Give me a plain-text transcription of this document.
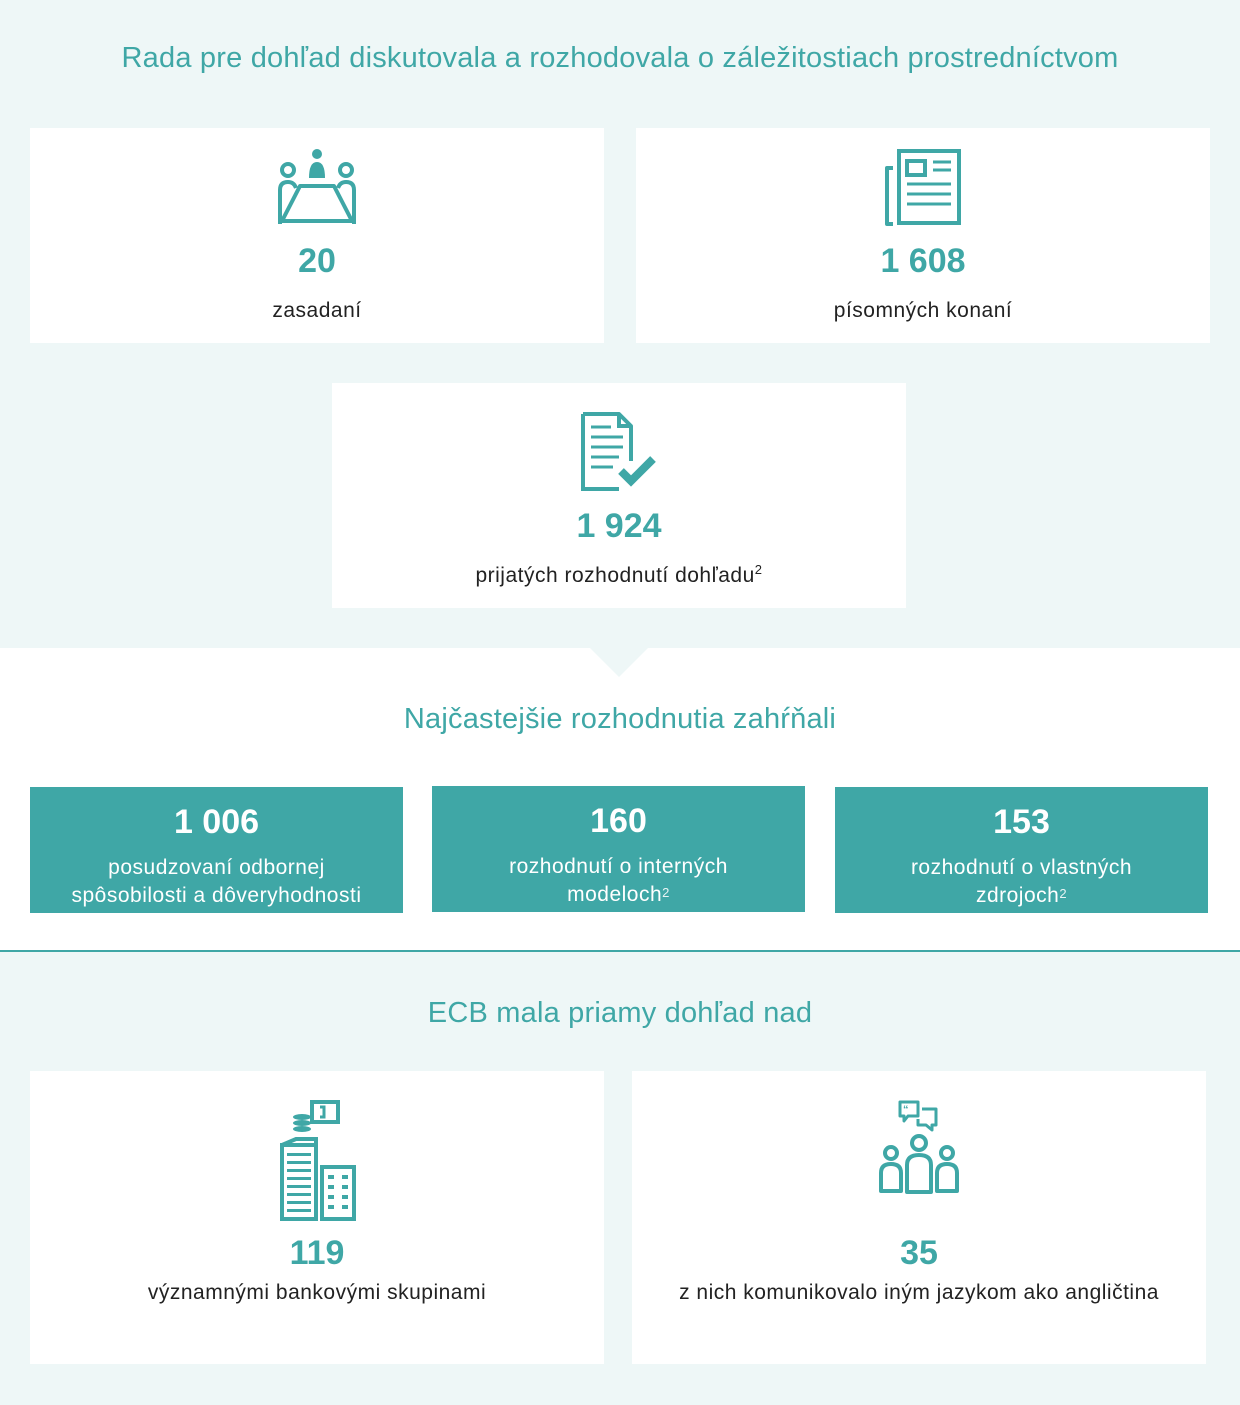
Rada pre dohľad diskutovala a rozhodovala o záležitostiach prostredníctvom
20
zasadaní
1 608
písomných konaní
1 924
prijatých rozhodnutí dohľadu$^2$
Najčastejšie rozhodnutia zahŕňali
1 006
posudzovaní odbornej
spôsobilosti a dôveryhodnosti
160
rozhodnutí o interných
modeloch$^2$
153
rozhodnutí o vlastných
zdrojoch$^2$
ECB mala priamy dohľad nad
119
významnými bankovými skupinami
“
35
z nich komunikovalo iným jazykom ako angličtina
